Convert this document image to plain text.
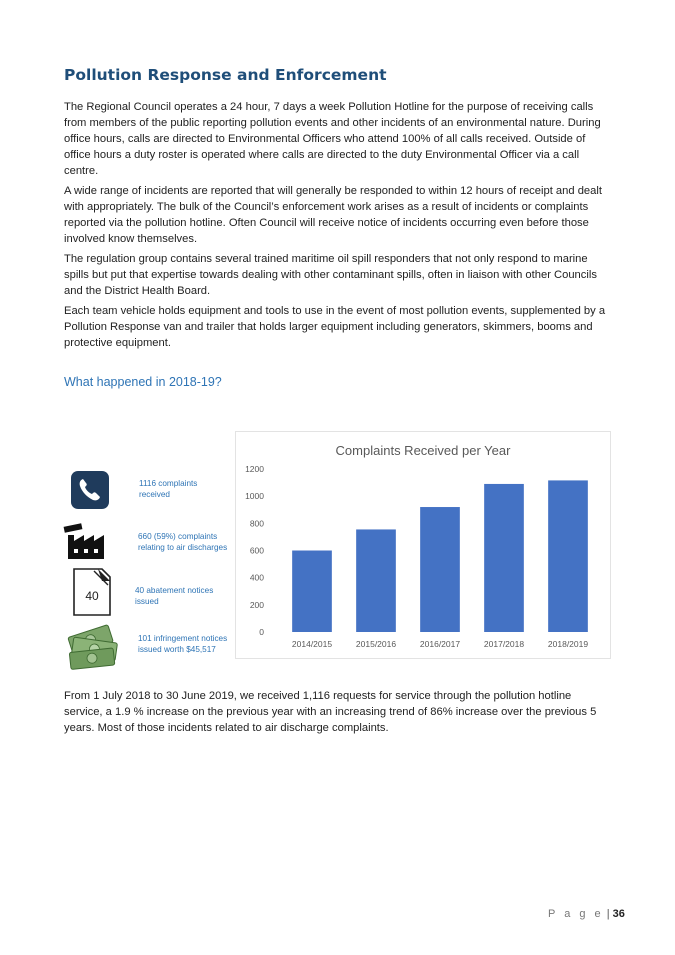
Pollution Response and Enforcement

The Regional Council operates a 24 hour, 7 days a week Pollution Hotline for the purpose of receiving calls from members of the public reporting pollution events and other incidents of an environmental nature. During office hours, calls are directed to Environmental Officers who attend 100% of all calls received. Outside of office hours a duty roster is operated where calls are directed to the duty Environmental Officer via a call centre.

A wide range of incidents are reported that will generally be responded to within 12 hours of receipt and dealt with appropriately. The bulk of the Council’s enforcement work arises as a result of incidents or complaints reported via the pollution hotline. Often Council will receive notice of incidents occurring even before those involved know themselves.

The regulation group contains several trained maritime oil spill responders that not only respond to marine spills but put that expertise towards dealing with other contaminant spills, often in liaison with other Councils and the District Health Board.

Each team vehicle holds equipment and tools to use in the event of most pollution events, supplemented by a Pollution Response van and trailer that holds larger equipment including generators, skimmers, booms and protective equipment.

What happened in 2018-19?
1116 complaints
received
660 (59%) complaints
relating to air discharges
40	40 abatement notices
issued
101 infringement notices
issued worth $45,517
Complaints Received per Year
0
200
400
600
800
1000
1200
2014/2015	2015/2016	2016/2017	2017/2018	2018/2019

From 1 July 2018 to 30 June 2019, we received 1,116 requests for service through the pollution hotline service, a 1.9 % increase on the previous year with an increasing trend of 86% increase over the previous 5 years. Most of those incidents related to air discharge complaints.

P a g e | 36
